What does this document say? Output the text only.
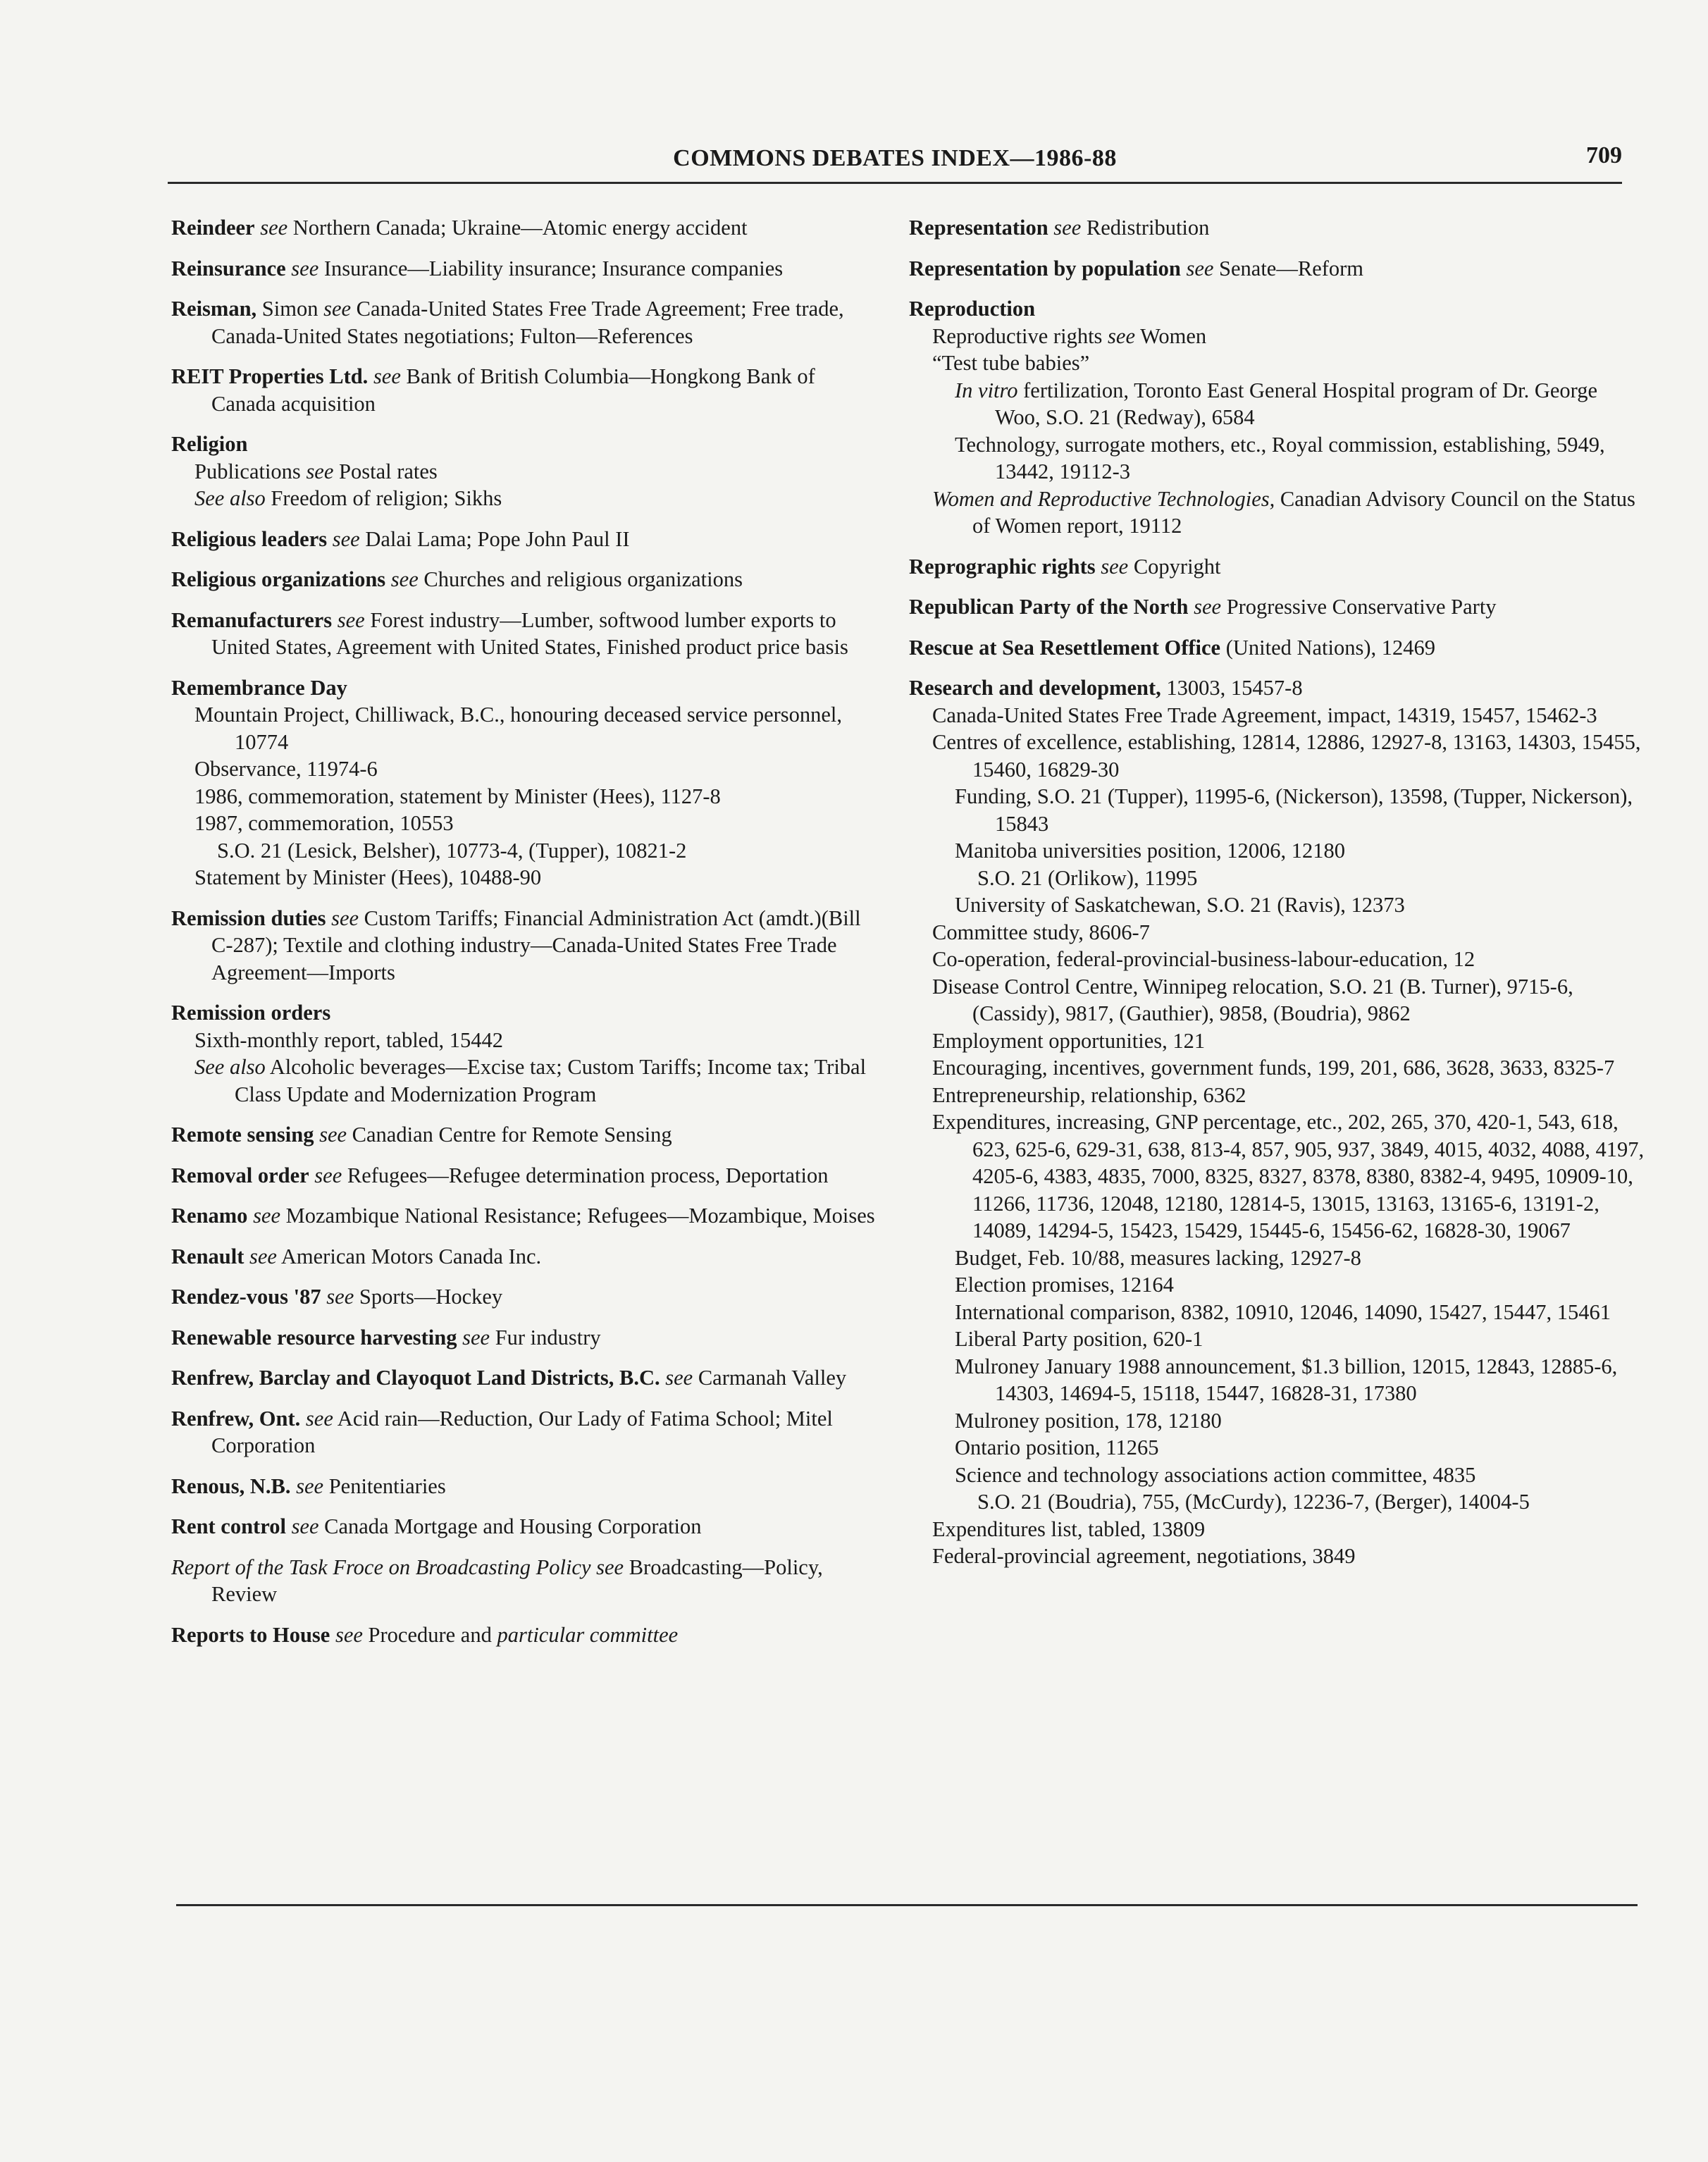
COMMONS DEBATES INDEX—1986-88	709
Reindeer see Northern Canada; Ukraine—Atomic energy accident
Reinsurance see Insurance—Liability insurance; Insurance companies
Reisman, Simon see Canada-United States Free Trade Agreement; Free trade, Canada-United States negotiations; Fulton—References
REIT Properties Ltd. see Bank of British Columbia—Hongkong Bank of Canada acquisition
Religion
Publications see Postal rates
See also Freedom of religion; Sikhs
Religious leaders see Dalai Lama; Pope John Paul II
Religious organizations see Churches and religious organizations
Remanufacturers see Forest industry—Lumber, softwood lumber exports to United States, Agreement with United States, Finished product price basis
Remembrance Day
Mountain Project, Chilliwack, B.C., honouring deceased service personnel, 10774
Observance, 11974-6
1986, commemoration, statement by Minister (Hees), 1127-8
1987, commemoration, 10553
S.O. 21 (Lesick, Belsher), 10773-4, (Tupper), 10821-2
Statement by Minister (Hees), 10488-90
Remission duties see Custom Tariffs; Financial Administration Act (amdt.)(Bill C-287); Textile and clothing industry—Canada-United States Free Trade Agreement—Imports
Remission orders
Sixth-monthly report, tabled, 15442
See also Alcoholic beverages—Excise tax; Custom Tariffs; Income tax; Tribal Class Update and Modernization Program
Remote sensing see Canadian Centre for Remote Sensing
Removal order see Refugees—Refugee determination process, Deportation
Renamo see Mozambique National Resistance; Refugees—Mozambique, Moises
Renault see American Motors Canada Inc.
Rendez-vous '87 see Sports—Hockey
Renewable resource harvesting see Fur industry
Renfrew, Barclay and Clayoquot Land Districts, B.C. see Carmanah Valley
Renfrew, Ont. see Acid rain—Reduction, Our Lady of Fatima School; Mitel Corporation
Renous, N.B. see Penitentiaries
Rent control see Canada Mortgage and Housing Corporation
Report of the Task Froce on Broadcasting Policy see Broadcasting—Policy, Review
Reports to House see Procedure and particular committee
Representation see Redistribution
Representation by population see Senate—Reform
Reproduction
Reproductive rights see Women
“Test tube babies”
In vitro fertilization, Toronto East General Hospital program of Dr. George Woo, S.O. 21 (Redway), 6584
Technology, surrogate mothers, etc., Royal commission, establishing, 5949, 13442, 19112-3
Women and Reproductive Technologies, Canadian Advisory Council on the Status of Women report, 19112
Reprographic rights see Copyright
Republican Party of the North see Progressive Conservative Party
Rescue at Sea Resettlement Office (United Nations), 12469
Research and development, 13003, 15457-8
Canada-United States Free Trade Agreement, impact, 14319, 15457, 15462-3
Centres of excellence, establishing, 12814, 12886, 12927-8, 13163, 14303, 15455, 15460, 16829-30
Funding, S.O. 21 (Tupper), 11995-6, (Nickerson), 13598, (Tupper, Nickerson), 15843
Manitoba universities position, 12006, 12180
S.O. 21 (Orlikow), 11995
University of Saskatchewan, S.O. 21 (Ravis), 12373
Committee study, 8606-7
Co-operation, federal-provincial-business-labour-education, 12
Disease Control Centre, Winnipeg relocation, S.O. 21 (B. Turner), 9715-6, (Cassidy), 9817, (Gauthier), 9858, (Boudria), 9862
Employment opportunities, 121
Encouraging, incentives, government funds, 199, 201, 686, 3628, 3633, 8325-7
Entrepreneurship, relationship, 6362
Expenditures, increasing, GNP percentage, etc., 202, 265, 370, 420-1, 543, 618, 623, 625-6, 629-31, 638, 813-4, 857, 905, 937, 3849, 4015, 4032, 4088, 4197, 4205-6, 4383, 4835, 7000, 8325, 8327, 8378, 8380, 8382-4, 9495, 10909-10, 11266, 11736, 12048, 12180, 12814-5, 13015, 13163, 13165-6, 13191-2, 14089, 14294-5, 15423, 15429, 15445-6, 15456-62, 16828-30, 19067
Budget, Feb. 10/88, measures lacking, 12927-8
Election promises, 12164
International comparison, 8382, 10910, 12046, 14090, 15427, 15447, 15461
Liberal Party position, 620-1
Mulroney January 1988 announcement, $1.3 billion, 12015, 12843, 12885-6, 14303, 14694-5, 15118, 15447, 16828-31, 17380
Mulroney position, 178, 12180
Ontario position, 11265
Science and technology associations action committee, 4835
S.O. 21 (Boudria), 755, (McCurdy), 12236-7, (Berger), 14004-5
Expenditures list, tabled, 13809
Federal-provincial agreement, negotiations, 3849
